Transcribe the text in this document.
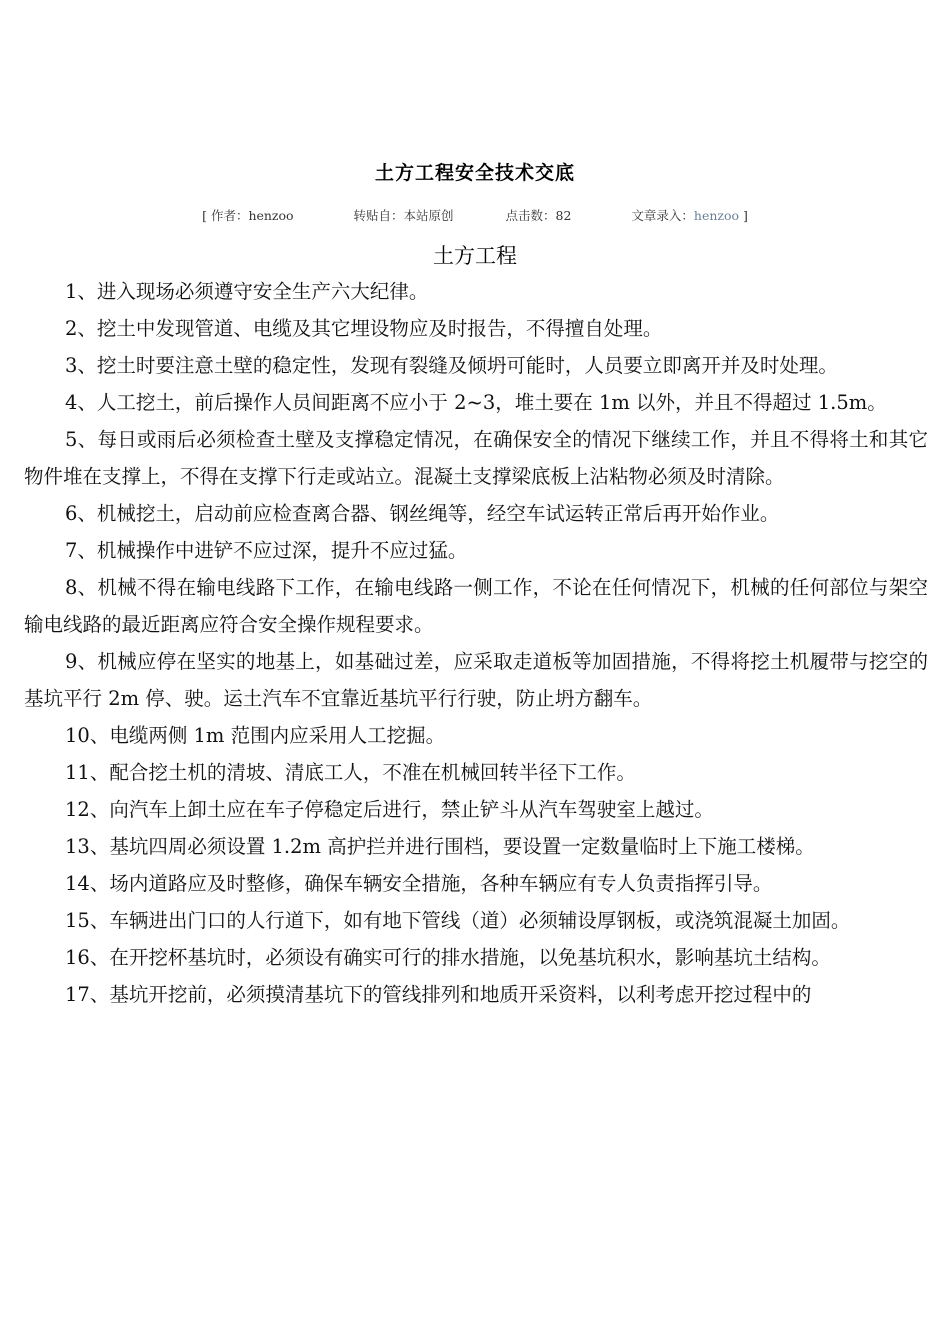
土方工程安全技术交底
[ 作者：henzoo	转贴自：本站原创	点击数：82	文章录入：henzoo ]
土方工程

1、进入现场必须遵守安全生产六大纪律。

2、挖土中发现管道、电缆及其它埋设物应及时报告，不得擅自处理。

3、挖土时要注意土壁的稳定性，发现有裂缝及倾坍可能时，人员要立即离开并及时处理。

4、人工挖土，前后操作人员间距离不应小于 2~3，堆土要在 1m 以外，并且不得超过 1.5m。

5、每日或雨后必须检查土壁及支撑稳定情况，在确保安全的情况下继续工作，并且不得将土和其它物件堆在支撑上，不得在支撑下行走或站立。混凝土支撑梁底板上沾粘物必须及时清除。

6、机械挖土，启动前应检查离合器、钢丝绳等，经空车试运转正常后再开始作业。

7、机械操作中进铲不应过深，提升不应过猛。

8、机械不得在输电线路下工作，在输电线路一侧工作，不论在任何情况下，机械的任何部位与架空输电线路的最近距离应符合安全操作规程要求。

9、机械应停在坚实的地基上，如基础过差，应采取走道板等加固措施，不得将挖土机履带与挖空的基坑平行 2m 停、驶。运土汽车不宜靠近基坑平行行驶，防止坍方翻车。

10、电缆两侧 1m 范围内应采用人工挖掘。

11、配合挖土机的清坡、清底工人，不准在机械回转半径下工作。

12、向汽车上卸土应在车子停稳定后进行，禁止铲斗从汽车驾驶室上越过。

13、基坑四周必须设置 1.2m 高护拦并进行围档，要设置一定数量临时上下施工楼梯。

14、场内道路应及时整修，确保车辆安全措施，各种车辆应有专人负责指挥引导。

15、车辆进出门口的人行道下，如有地下管线（道）必须辅设厚钢板，或浇筑混凝土加固。

16、在开挖杯基坑时，必须设有确实可行的排水措施，以免基坑积水，影响基坑土结构。

17、基坑开挖前，必须摸清基坑下的管线排列和地质开采资料，以利考虑开挖过程中的
